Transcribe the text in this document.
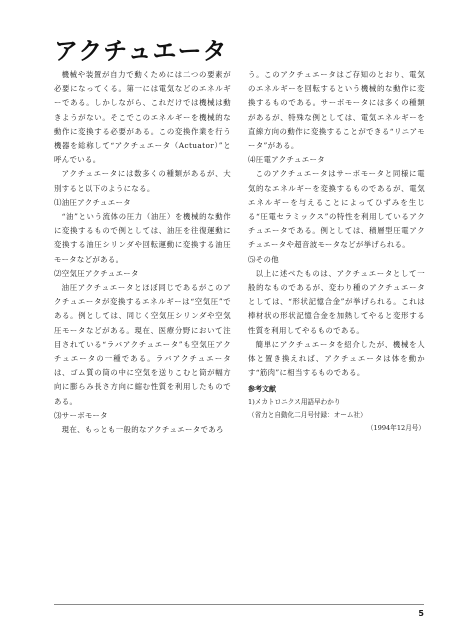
アクチュエータ

機械や装置が自力で動くためには二つの要素が必要になってくる。第一には電気などのエネルギーである。しかしながら、これだけでは機械は動きようがない。そこでこのエネルギーを機械的な動作に変換する必要がある。この変換作業を行う機器を総称して“アクチュエータ（Actuator）”と呼んでいる。

アクチュエータには数多くの種類があるが、大別すると以下のようになる。

⑴油圧アクチュエータ

“油”という流体の圧力（油圧）を機械的な動作に変換するもので例としては、油圧を往復運動に変換する油圧シリンダや回転運動に変換する油圧モータなどがある。

⑵空気圧アクチュエータ

油圧アクチュエータとほぼ同じであるがこのアクチュエータが変換するエネルギーは“空気圧”である。例としては、同じく空気圧シリンダや空気圧モータなどがある。現在、医療分野において注目されている“ラバアクチュエータ”も空気圧アクチュエータの一種である。ラバアクチュエータは、ゴム質の筒の中に空気を送りこむと筒が幅方向に膨らみ長さ方向に縮む性質を利用したものである。

⑶サーボモータ

現在、もっとも一般的なアクチュエータであろ

う。このアクチュエータはご存知のとおり、電気のエネルギーを回転するという機械的な動作に変換するものである。サーボモータには多くの種類があるが、特殊な例としては、電気エネルギーを直線方向の動作に変換することができる“リニアモータ”がある。

⑷圧電アクチュエータ

このアクチュエータはサーボモータと同様に電気的なエネルギーを変換するものであるが、電気エネルギーを与えることによってひずみを生じる“圧電セラミックス”の特性を利用しているアクチュエータである。例としては、積層型圧電アクチュエータや超音波モータなどが挙げられる。

⑸その他

以上に述べたものは、アクチュエータとして一般的なものであるが、変わり種のアクチュエータとしては、“形状記憶合金”が挙げられる。これは棒材状の形状記憶合金を加熱してやると変形する性質を利用してやるものである。

簡単にアクチュエータを紹介したが、機械を人体と置き換えれば、アクチュエータは体を動かす“筋肉”に相当するものである。

参考文献

1)メカトロニクス用語早わかり

（省力と自動化二月号付録：オーム社）

（1994年12月号）

5
